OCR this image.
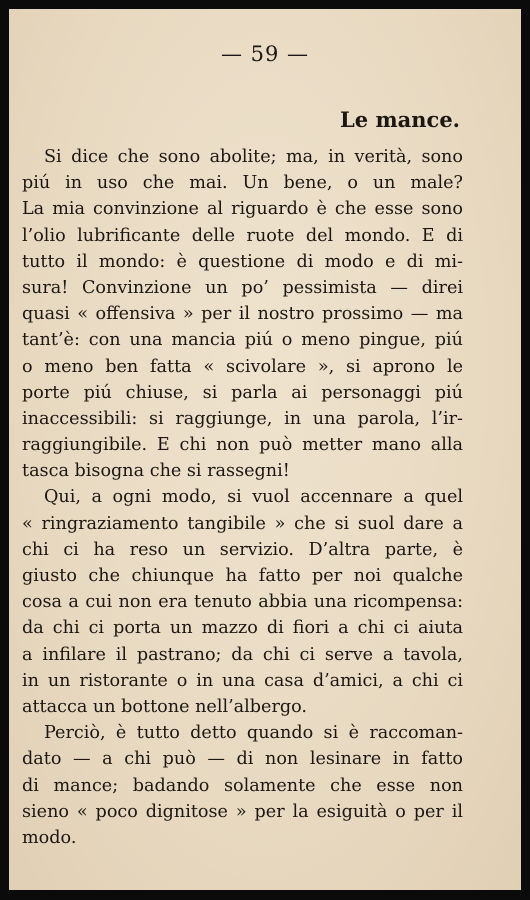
— 59 —
Le mance.
Si dice che sono abolite; ma, in verità, sono
piú in uso che mai. Un bene, o un male?
La mia convinzione al riguardo è che esse sono
l’olio lubrificante delle ruote del mondo. E di
tutto il mondo: è questione di modo e di mi-
sura! Convinzione un po’ pessimista — direi
quasi « offensiva » per il nostro prossimo — ma
tant’è: con una mancia piú o meno pingue, piú
o meno ben fatta « scivolare », si aprono le
porte piú chiuse, si parla ai personaggi piú
inaccessibili: si raggiunge, in una parola, l’ir-
raggiungibile. E chi non può metter mano alla
tasca bisogna che si rassegni!
Qui, a ogni modo, si vuol accennare a quel
« ringraziamento tangibile » che si suol dare a
chi ci ha reso un servizio. D’altra parte, è
giusto che chiunque ha fatto per noi qualche
cosa a cui non era tenuto abbia una ricompensa:
da chi ci porta un mazzo di fiori a chi ci aiuta
a infilare il pastrano; da chi ci serve a tavola,
in un ristorante o in una casa d’amici, a chi ci
attacca un bottone nell’albergo.
Perciò, è tutto detto quando si è raccoman-
dato — a chi può — di non lesinare in fatto
di mance; badando solamente che esse non
sieno « poco dignitose » per la esiguità o per il
modo.
